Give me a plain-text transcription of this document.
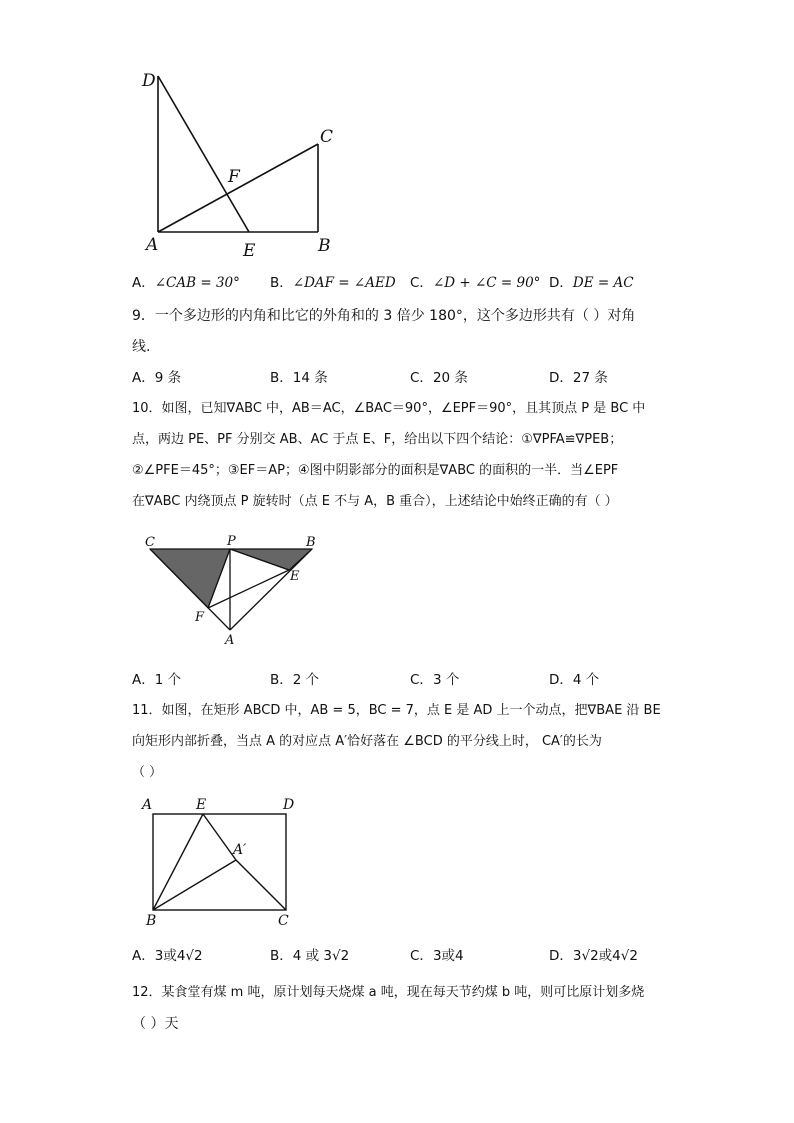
D
C
F
A	E	B
A．∠CAB = 30° B．∠DAF = ∠AED C．∠D + ∠C = 90° D．DE = AC
9．一个多边形的内角和比它的外角和的 3 倍少 180°，这个多边形共有（ ）对角
线.
A．9 条	B．14 条	C．20 条	D．27 条
10．如图，已知∇ABC 中，AB＝AC，∠BAC＝90°，∠EPF＝90°，且其顶点 P 是 BC 中
点，两边 PE、PF 分别交 AB、AC 于点 E、F，给出以下四个结论：①∇PFA≌∇PEB；
②∠PFE＝45°；③EF＝AP；④图中阴影部分的面积是∇ABC 的面积的一半．当∠EPF
在∇ABC 内绕顶点 P 旋转时（点 E 不与 A，B 重合），上述结论中始终正确的有（ ）
C	P	B
E
F
A
A．1 个	B．2 个	C．3 个	D．4 个
11．如图，在矩形 ABCD 中，AB = 5，BC = 7，点 E 是 AD 上一个动点，把∇BAE 沿 BE
向矩形内部折叠，当点 A 的对应点 A′恰好落在 ∠BCD 的平分线上时， CA′的长为
（ ）
A	E	D
A′
B	C
A．3或4√2	B．4 或 3√2	C．3或4	D．3√2或4√2
12．某食堂有煤 m 吨，原计划每天烧煤 a 吨，现在每天节约煤 b 吨，则可比原计划多烧
（ ）天
